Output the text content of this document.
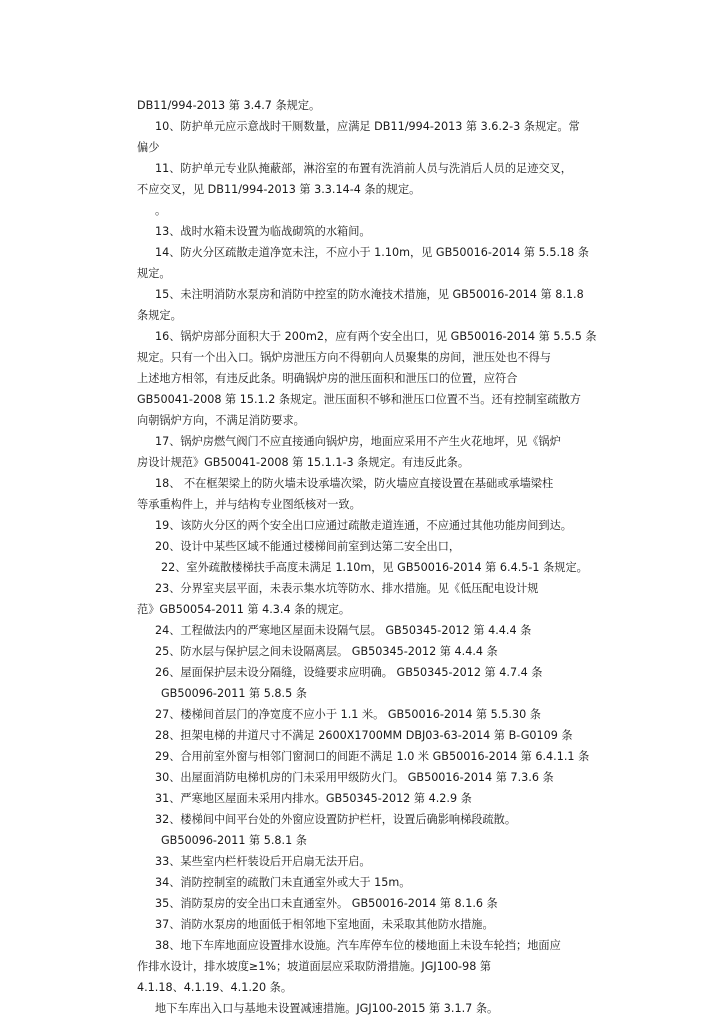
DB11/994-2013 第 3.4.7 条规定。
10、防护单元应示意战时干厕数量，应满足 DB11/994-2013 第 3.6.2-3 条规定。常
偏少
11、防护单元专业队掩蔽部，淋浴室的布置有洗消前人员与洗消后人员的足迹交叉，
不应交叉，见 DB11/994-2013 第 3.3.14-4 条的规定。
。
13、战时水箱未设置为临战砌筑的水箱间。
14、防火分区疏散走道净宽未注，不应小于 1.10m，见 GB50016-2014 第 5.5.18 条
规定。
15、未注明消防水泵房和消防中控室的防水淹技术措施，见 GB50016-2014 第 8.1.8
条规定。
16、锅炉房部分面积大于 200m2，应有两个安全出口，见 GB50016-2014 第 5.5.5 条
规定。只有一个出入口。锅炉房泄压方向不得朝向人员聚集的房间，泄压处也不得与
上述地方相邻，有违反此条。明确锅炉房的泄压面积和泄压口的位置，应符合
GB50041-2008 第 15.1.2 条规定。泄压面积不够和泄压口位置不当。还有控制室疏散方
向朝锅炉方向，不满足消防要求。
17、锅炉房燃气阀门不应直接通向锅炉房，地面应采用不产生火花地坪，见《锅炉
房设计规范》GB50041-2008 第 15.1.1-3 条规定。有违反此条。
18、 不在框架梁上的防火墙未设承墙次梁，防火墙应直接设置在基础或承墙梁柱
等承重构件上，并与结构专业图纸核对一致。
19、该防火分区的两个安全出口应通过疏散走道连通，不应通过其他功能房间到达。
20、设计中某些区域不能通过楼梯间前室到达第二安全出口，
22、室外疏散楼梯扶手高度未满足 1.10m，见 GB50016-2014 第 6.4.5-1 条规定。
23、分界室夹层平面，未表示集水坑等防水、排水措施。见《低压配电设计规
范》GB50054-2011 第 4.3.4 条的规定。
24、工程做法内的严寒地区屋面未设隔气层。 GB50345-2012 第 4.4.4 条
25、防水层与保护层之间未设隔离层。 GB50345-2012 第 4.4.4 条
26、屋面保护层未设分隔缝，设缝要求应明确。 GB50345-2012 第 4.7.4 条
GB50096-2011 第 5.8.5 条
27、楼梯间首层门的净宽度不应小于 1.1 米。 GB50016-2014 第 5.5.30 条
28、担架电梯的井道尺寸不满足 2600X1700MM DBJ03-63-2014 第 B-G0109 条
29、合用前室外窗与相邻门窗洞口的间距不满足 1.0 米 GB50016-2014 第 6.4.1.1 条
30、出屋面消防电梯机房的门未采用甲级防火门。 GB50016-2014 第 7.3.6 条
31、严寒地区屋面未采用内排水。GB50345-2012 第 4.2.9 条
32、楼梯间中间平台处的外窗应设置防护栏杆，设置后确影响梯段疏散。
GB50096-2011 第 5.8.1 条
33、某些室内栏杆装设后开启扇无法开启。
34、消防控制室的疏散门未直通室外或大于 15m。
35、消防泵房的安全出口未直通室外。 GB50016-2014 第 8.1.6 条
37、消防水泵房的地面低于相邻地下室地面，未采取其他防水措施。
38、地下车库地面应设置排水设施。汽车库停车位的楼地面上未设车轮挡；地面应
作排水设计，排水坡度≥1%；坡道面层应采取防滑措施。JGJ100-98 第
4.1.18、4.1.19、4.1.20 条。
地下车库出入口与基地未设置减速措施。JGJ100-2015 第 3.1.7 条。
